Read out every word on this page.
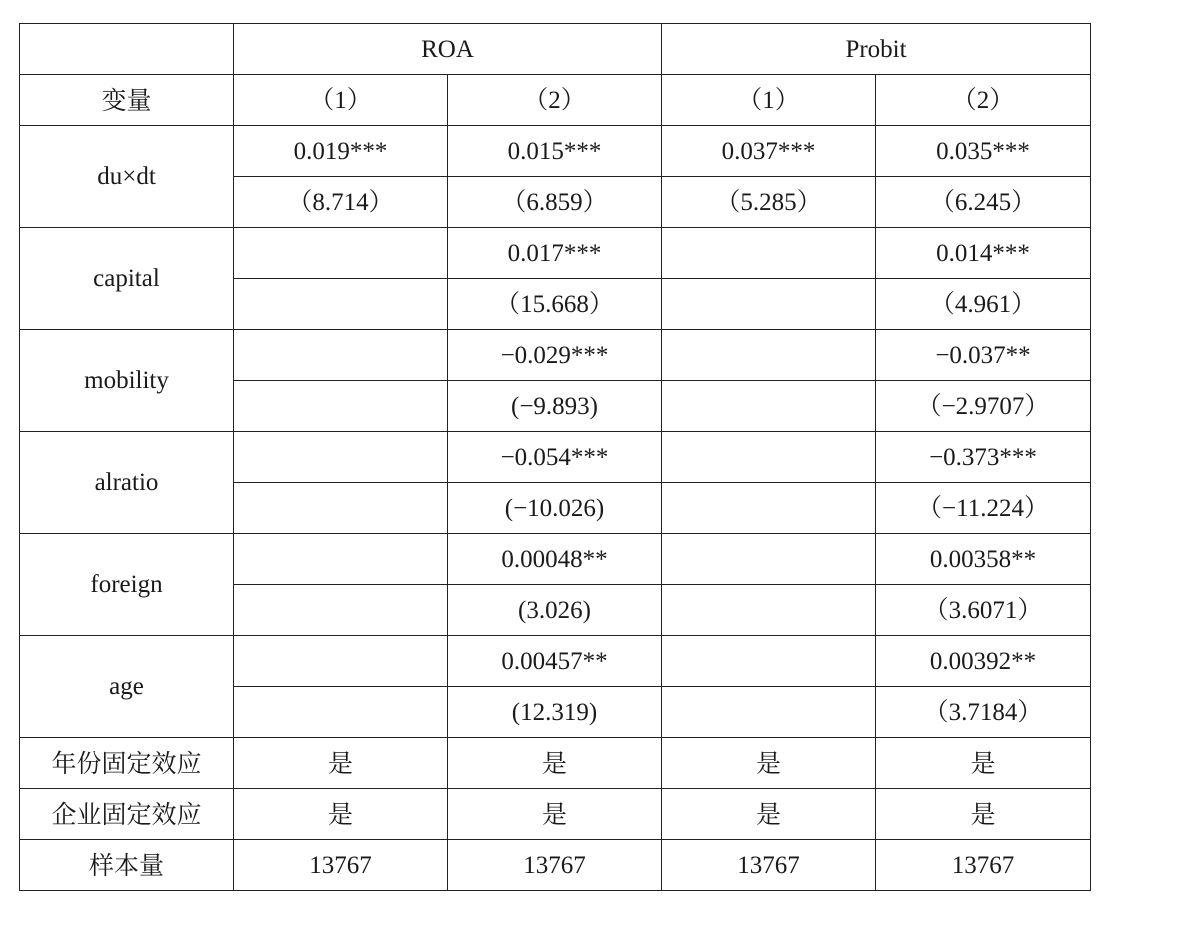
	ROA		Probit	
变量	（1）	（2）	（1）	（2）
du×dt	0.019***	0.015***	0.037***	0.035***
	（8.714）	（6.859）	（5.285）	（6.245）
capital		0.017***		0.014***
		（15.668）		（4.961）
mobility		−0.029***		−0.037**
		(−9.893)		（−2.9707）
alratio		−0.054***		−0.373***
		(−10.026)		（−11.224）
foreign		0.00048**		0.00358**
		(3.026)		（3.6071）
age		0.00457**		0.00392**
		(12.319)		（3.7184）
年份固定效应	是	是	是	是
企业固定效应	是	是	是	是
样本量	13767	13767	13767	13767
